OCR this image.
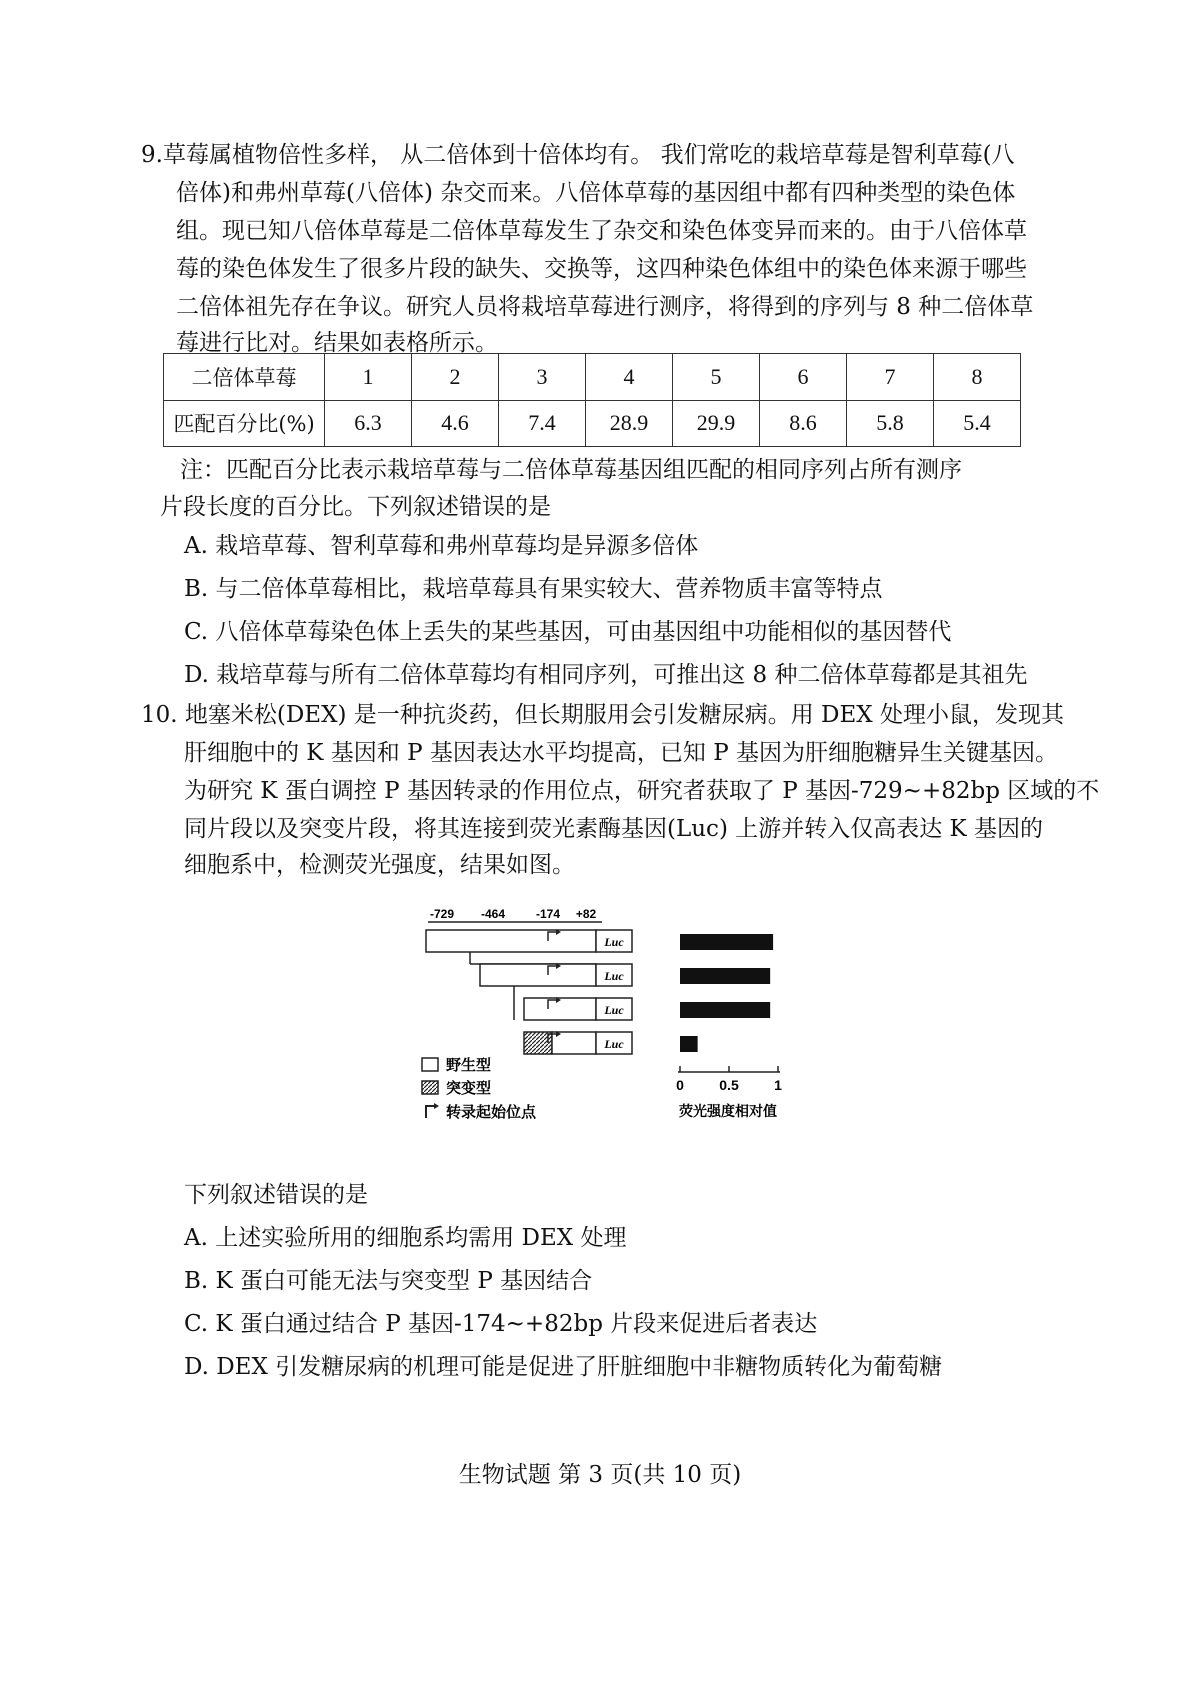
9.草莓属植物倍性多样， 从二倍体到十倍体均有。 我们常吃的栽培草莓是智利草莓(八
倍体)和弗州草莓(八倍体) 杂交而来。八倍体草莓的基因组中都有四种类型的染色体
组。现已知八倍体草莓是二倍体草莓发生了杂交和染色体变异而来的。由于八倍体草
莓的染色体发生了很多片段的缺失、交换等，这四种染色体组中的染色体来源于哪些
二倍体祖先存在争议。研究人员将栽培草莓进行测序，将得到的序列与 8 种二倍体草
莓进行比对。结果如表格所示。
二倍体草莓	1	2	3	4	5	6	7	8
匹配百分比(%)	6.3	4.6	7.4	28.9	29.9	8.6	5.8	5.4
注：匹配百分比表示栽培草莓与二倍体草莓基因组匹配的相同序列占所有测序
片段长度的百分比。下列叙述错误的是
A. 栽培草莓、智利草莓和弗州草莓均是异源多倍体
B. 与二倍体草莓相比，栽培草莓具有果实较大、营养物质丰富等特点
C. 八倍体草莓染色体上丢失的某些基因，可由基因组中功能相似的基因替代
D. 栽培草莓与所有二倍体草莓均有相同序列，可推出这 8 种二倍体草莓都是其祖先
10. 地塞米松(DEX) 是一种抗炎药，但长期服用会引发糖尿病。用 DEX 处理小鼠，发现其
肝细胞中的 K 基因和 P 基因表达水平均提高，已知 P 基因为肝细胞糖异生关键基因。
为研究 K 蛋白调控 P 基因转录的作用位点，研究者获取了 P 基因-729~+82bp 区域的不
同片段以及突变片段，将其连接到荧光素酶基因(Luc) 上游并转入仅高表达 K 基因的
细胞系中，检测荧光强度，结果如图。
-729 -464	-174 +82
Luc
Luc
Luc
Luc
0	0.5	1
荧光强度相对值
野生型
突变型
转录起始位点
下列叙述错误的是
A. 上述实验所用的细胞系均需用 DEX 处理
B. K 蛋白可能无法与突变型 P 基因结合
C. K 蛋白通过结合 P 基因-174~+82bp 片段来促进后者表达
D. DEX 引发糖尿病的机理可能是促进了肝脏细胞中非糖物质转化为葡萄糖
生物试题 第 3 页(共 10 页)
